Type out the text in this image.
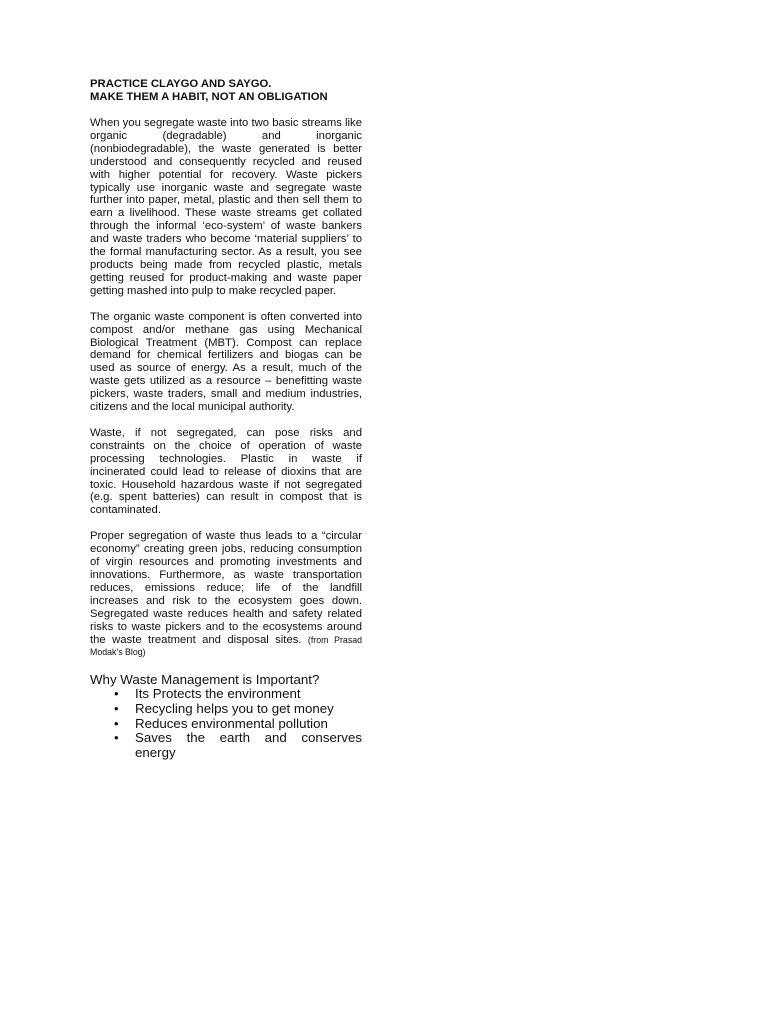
PRACTICE CLAYGO AND SAYGO.

MAKE THEM A HABIT, NOT AN OBLIGATION

When you segregate waste into two basic streams like organic (degradable) and inorganic (nonbiodegradable), the waste generated is better understood and consequently recycled and reused with higher potential for recovery. Waste pickers typically use inorganic waste and segregate waste further into paper, metal, plastic and then sell them to earn a livelihood. These waste streams get collated through the informal ‘eco-system’ of waste bankers and waste traders who become ‘material suppliers’ to the formal manufacturing sector. As a result, you see products being made from recycled plastic, metals getting reused for product-making and waste paper getting mashed into pulp to make recycled paper.

The organic waste component is often converted into compost and/or methane gas using Mechanical Biological Treatment (MBT). Compost can replace demand for chemical fertilizers and biogas can be used as source of energy. As a result, much of the waste gets utilized as a resource – benefitting waste pickers, waste traders, small and medium industries, citizens and the local municipal authority.

Waste, if not segregated, can pose risks and constraints on the choice of operation of waste processing technologies. Plastic in waste if incinerated could lead to release of dioxins that are toxic. Household hazardous waste if not segregated (e.g. spent batteries) can result in compost that is contaminated.

Proper segregation of waste thus leads to a “circular economy” creating green jobs, reducing consumption of virgin resources and promoting investments and innovations. Furthermore, as waste transportation reduces, emissions reduce; life of the landfill increases and risk to the ecosystem goes down. Segregated waste reduces health and safety related risks to waste pickers and to the ecosystems around the waste treatment and disposal sites. (from Prasad Modak’s Blog)

Why Waste Management is Important?

• Its Protects the environment
• Recycling helps you to get money
• Reduces environmental pollution
• Saves the earth and conserves
energy
